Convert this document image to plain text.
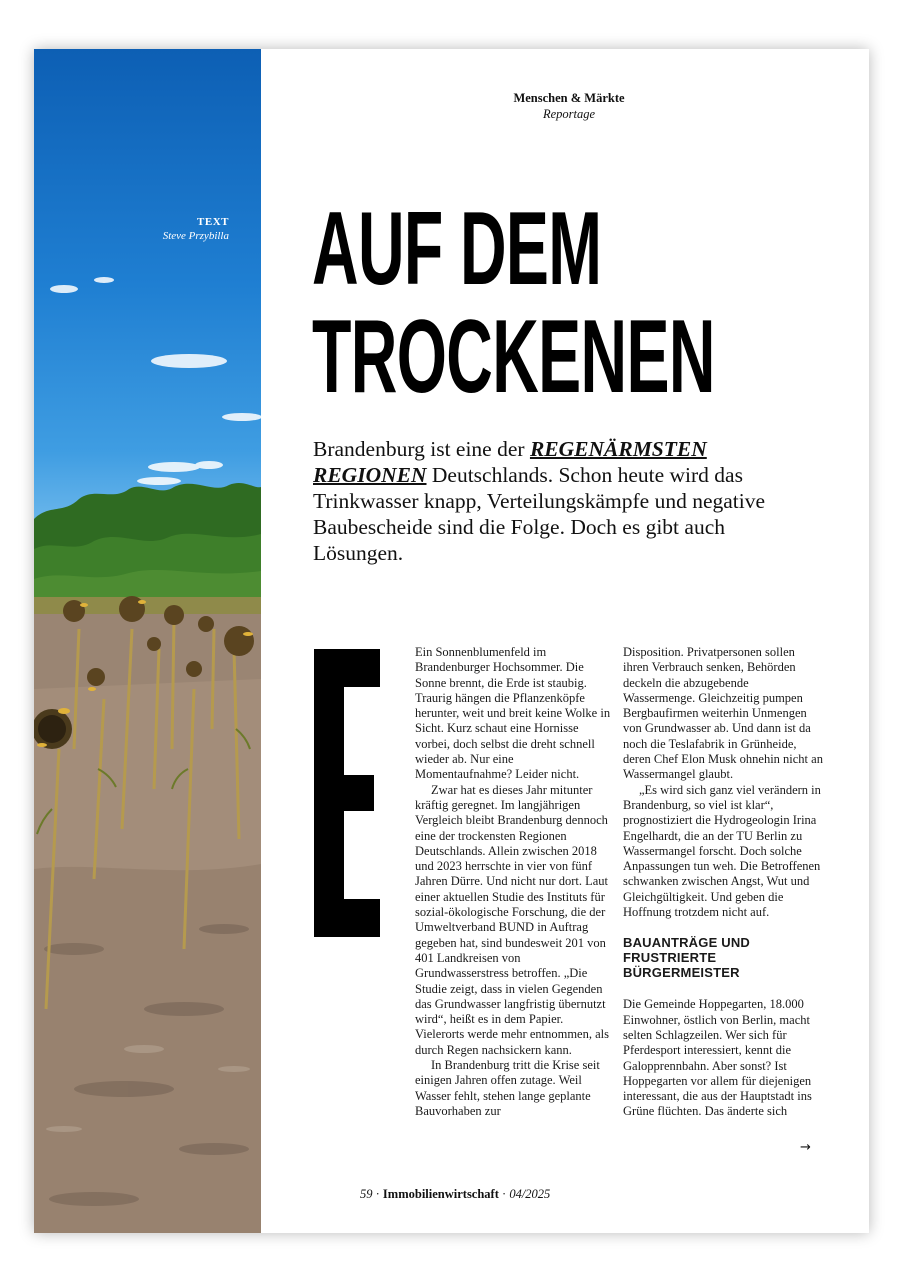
TEXT
Steve Przybilla
Menschen & Märkte
Reportage
AUF DEM
TROCKENEN

Brandenburg ist eine der REGENÄRMSTEN
REGIONEN Deutschlands. Schon heute wird das Trinkwasser knapp, Verteilungskämpfe und negative Baubescheide sind die Folge. Doch es gibt auch Lösungen.

Ein Sonnenblumenfeld im Brandenburger Hochsommer. Die Sonne brennt, die Erde ist staubig. Traurig hängen die Pflanzenköpfe herunter, weit und breit keine Wolke in Sicht. Kurz schaut eine Hornisse vorbei, doch selbst die dreht schnell wieder ab. Nur eine Momentaufnahme? Leider nicht.

Zwar hat es dieses Jahr mitunter kräftig geregnet. Im langjährigen Vergleich bleibt Brandenburg dennoch eine der trockensten Regionen Deutschlands. Allein zwischen 2018 und 2023 herrschte in vier von fünf Jahren Dürre. Und nicht nur dort. Laut einer aktuellen Studie des Instituts für sozial-ökologische Forschung, die der Umweltverband BUND in Auftrag gegeben hat, sind bundesweit 201 von 401 Landkreisen von Grundwasserstress betroffen. „Die Studie zeigt, dass in vielen Gegenden das Grundwasser langfristig übernutzt wird“, heißt es in dem Papier. Vielerorts werde mehr entnommen, als durch Regen nachsickern kann.

In Brandenburg tritt die Krise seit einigen Jahren offen zutage. Weil Wasser fehlt, stehen lange geplante Bauvorhaben zur

Disposition. Privatpersonen sollen ihren Verbrauch senken, Behörden deckeln die abzugebende Wassermenge. Gleichzeitig pumpen Bergbaufirmen weiterhin Unmengen von Grundwasser ab. Und dann ist da noch die Teslafabrik in Grünheide, deren Chef Elon Musk ohnehin nicht an Wassermangel glaubt.

„Es wird sich ganz viel verändern in Brandenburg, so viel ist klar“, prognostiziert die Hydrogeologin Irina Engelhardt, die an der TU Berlin zu Wassermangel forscht. Doch solche Anpassungen tun weh. Die Betroffenen schwanken zwischen Angst, Wut und Gleichgültigkeit. Und geben die Hoffnung trotzdem nicht auf.

BAUANTRÄGE UND FRUSTRIERTE BÜRGERMEISTER

Die Gemeinde Hoppegarten, 18.000 Einwohner, östlich von Berlin, macht selten Schlagzeilen. Wer sich für Pferdesport interessiert, kennt die Galopprennbahn. Aber sonst? Ist Hoppegarten vor allem für diejenigen interessant, die aus der Hauptstadt ins Grüne flüchten. Das änderte sich

→
59 · Immobilienwirtschaft · 04/2025
